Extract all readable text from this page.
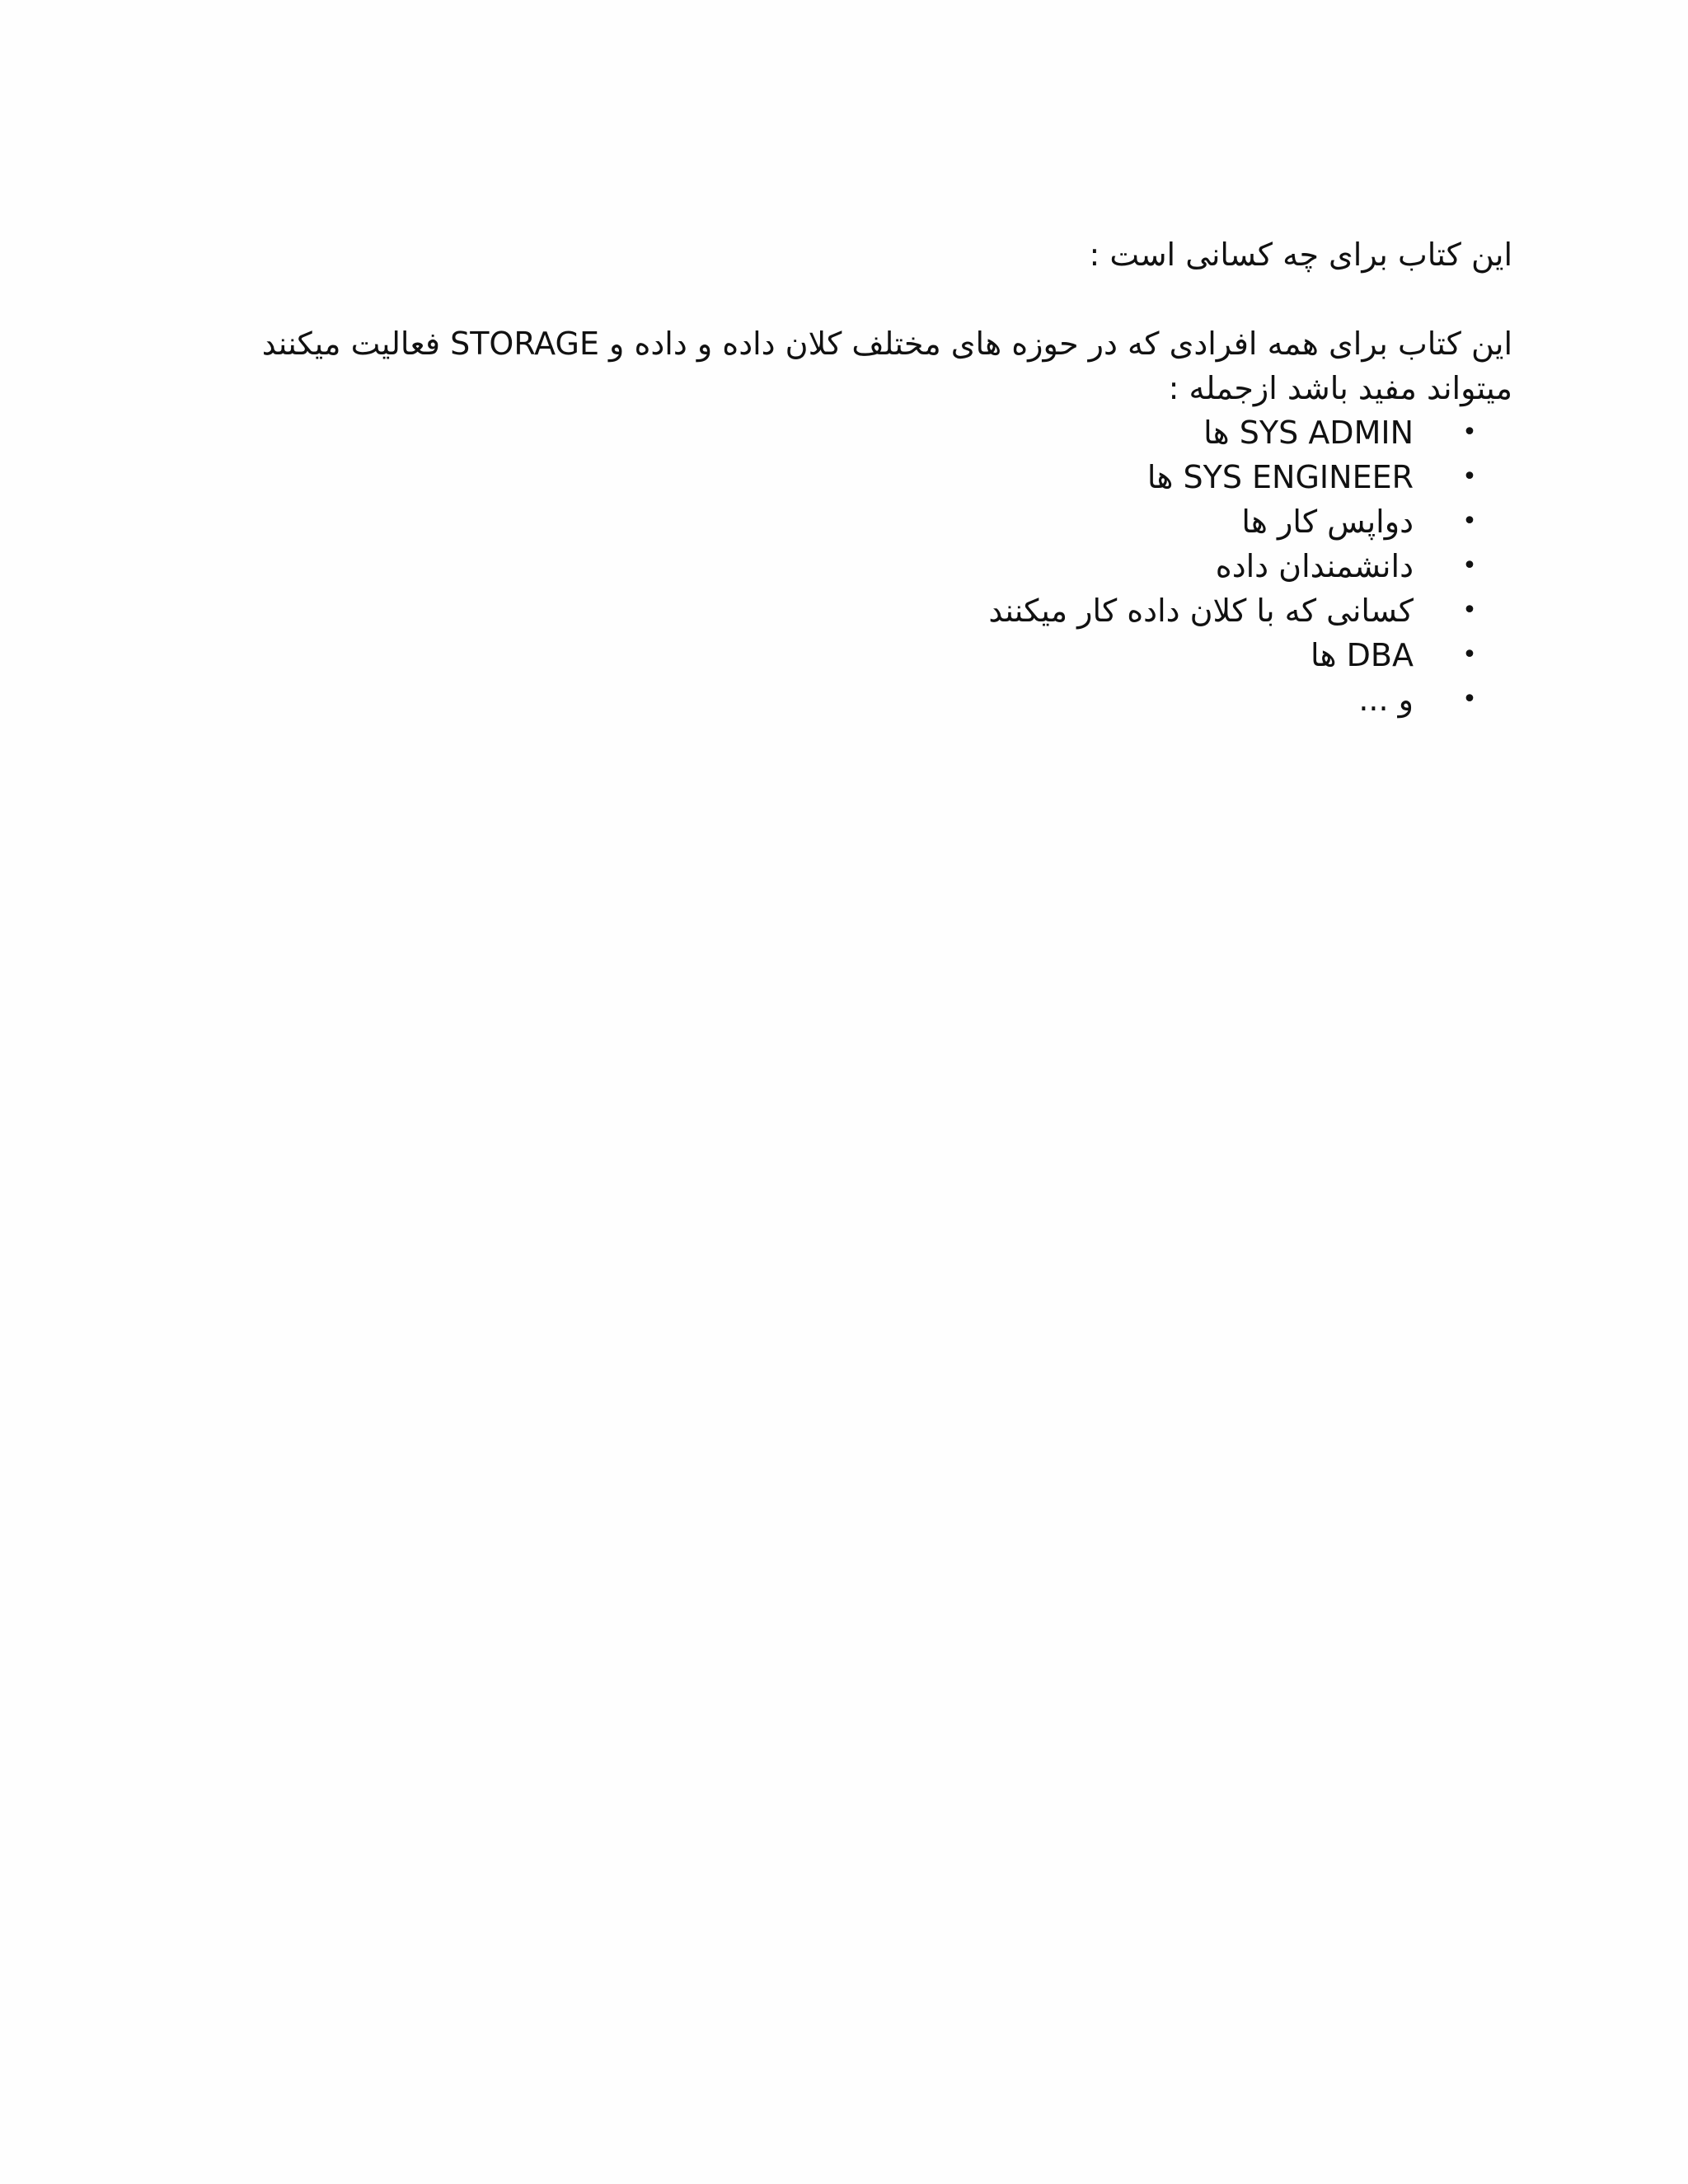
این کتاب برای چه کسانی است :

این کتاب برای همه افرادی که در حوزه های مختلف کلان داده و داده و STORAGE فعالیت میکنند میتواند مفید باشد ازجمله :

•
SYS ADMIN ها
•
SYS ENGINEER ها
•
دواپس کار ها
•
دانشمندان داده
•
کسانی که با کلان داده کار میکنند
•
DBA ها
•
و ...
